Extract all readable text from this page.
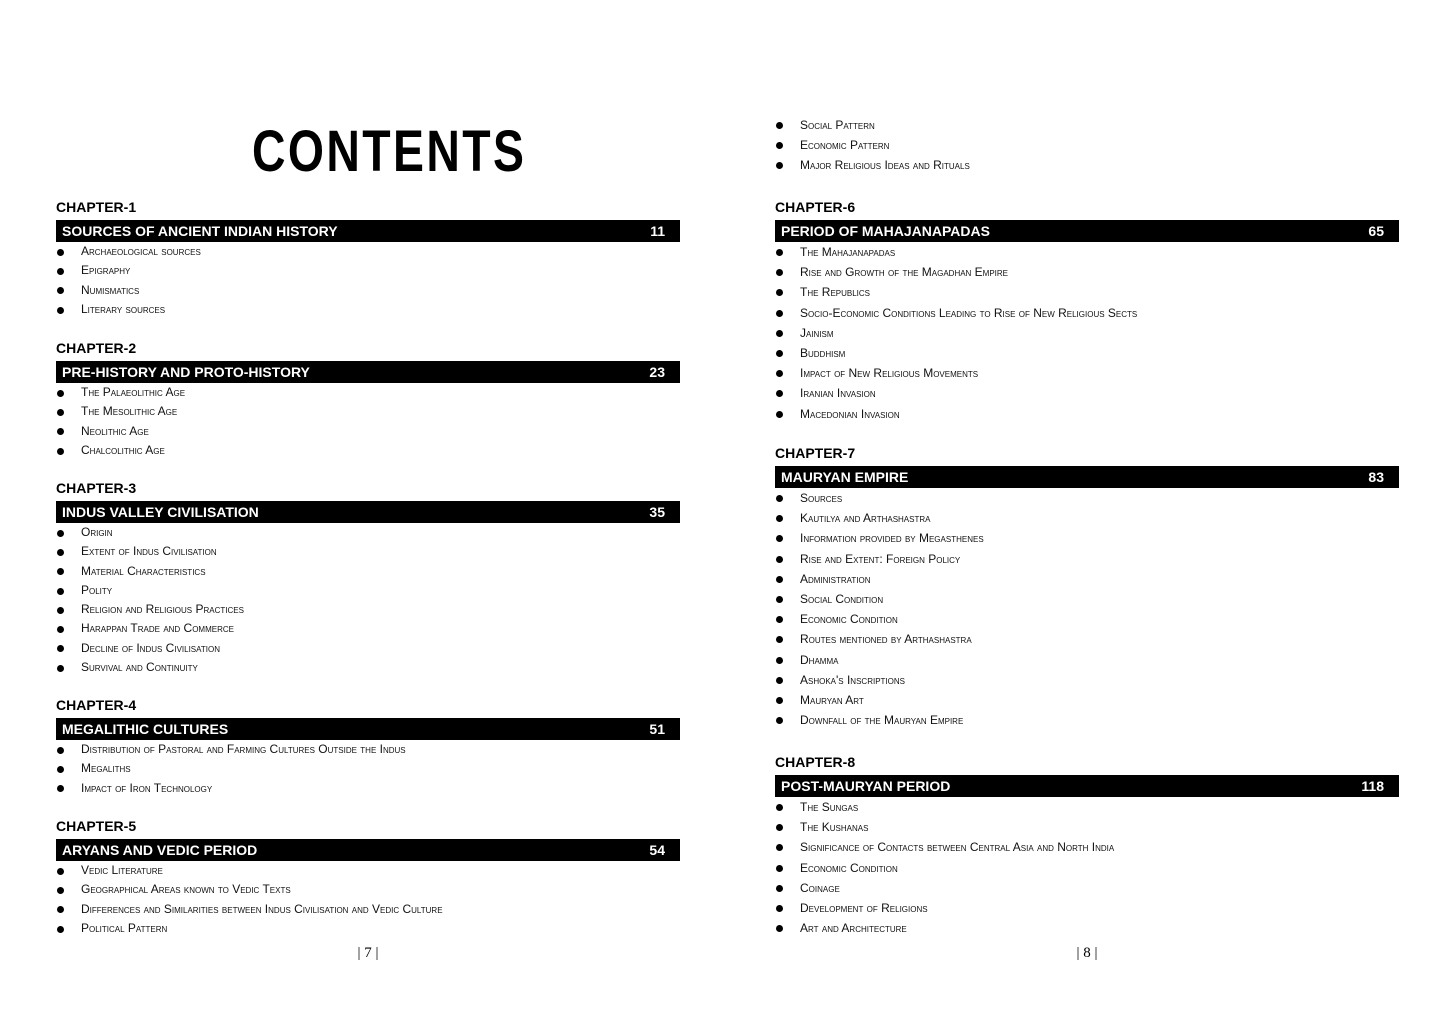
CONTENTS
CHAPTER-1
SOURCES OF ANCIENT INDIAN HISTORY	11
Archaeological sources
Epigraphy
Numismatics
Literary sources
CHAPTER-2
PRE-HISTORY AND PROTO-HISTORY	23
The Palaeolithic Age
The Mesolithic Age
Neolithic Age
Chalcolithic Age
CHAPTER-3
INDUS VALLEY CIVILISATION	35
Origin
Extent of Indus Civilisation
Material Characteristics
Polity
Religion and Religious Practices
Harappan Trade and Commerce
Decline of Indus Civilisation
Survival and Continuity
CHAPTER-4
MEGALITHIC CULTURES	51
Distribution of Pastoral and Farming Cultures Outside the Indus
Megaliths
Impact of Iron Technology
CHAPTER-5
ARYANS AND VEDIC PERIOD	54
Vedic Literature
Geographical Areas known to Vedic Texts
Differences and Similarities between Indus Civilisation and Vedic Culture
Political Pattern
| 7 |
Social Pattern
Economic Pattern
Major Religious Ideas and Rituals
CHAPTER-6
PERIOD OF MAHAJANAPADAS	65
The Mahajanapadas
Rise and Growth of the Magadhan Empire
The Republics
Socio-Economic Conditions Leading to Rise of New Religious Sects
Jainism
Buddhism
Impact of New Religious Movements
Iranian Invasion
Macedonian Invasion
CHAPTER-7
MAURYAN EMPIRE	83
Sources
Kautilya and Arthashastra
Information provided by Megasthenes
Rise and Extent: Foreign Policy
Administration
Social Condition
Economic Condition
Routes mentioned by Arthashastra
Dhamma
Ashoka's Inscriptions
Mauryan Art
Downfall of the Mauryan Empire
CHAPTER-8
POST-MAURYAN PERIOD	118
The Sungas
The Kushanas
Significance of Contacts between Central Asia and North India
Economic Condition
Coinage
Development of Religions
Art and Architecture
| 8 |
